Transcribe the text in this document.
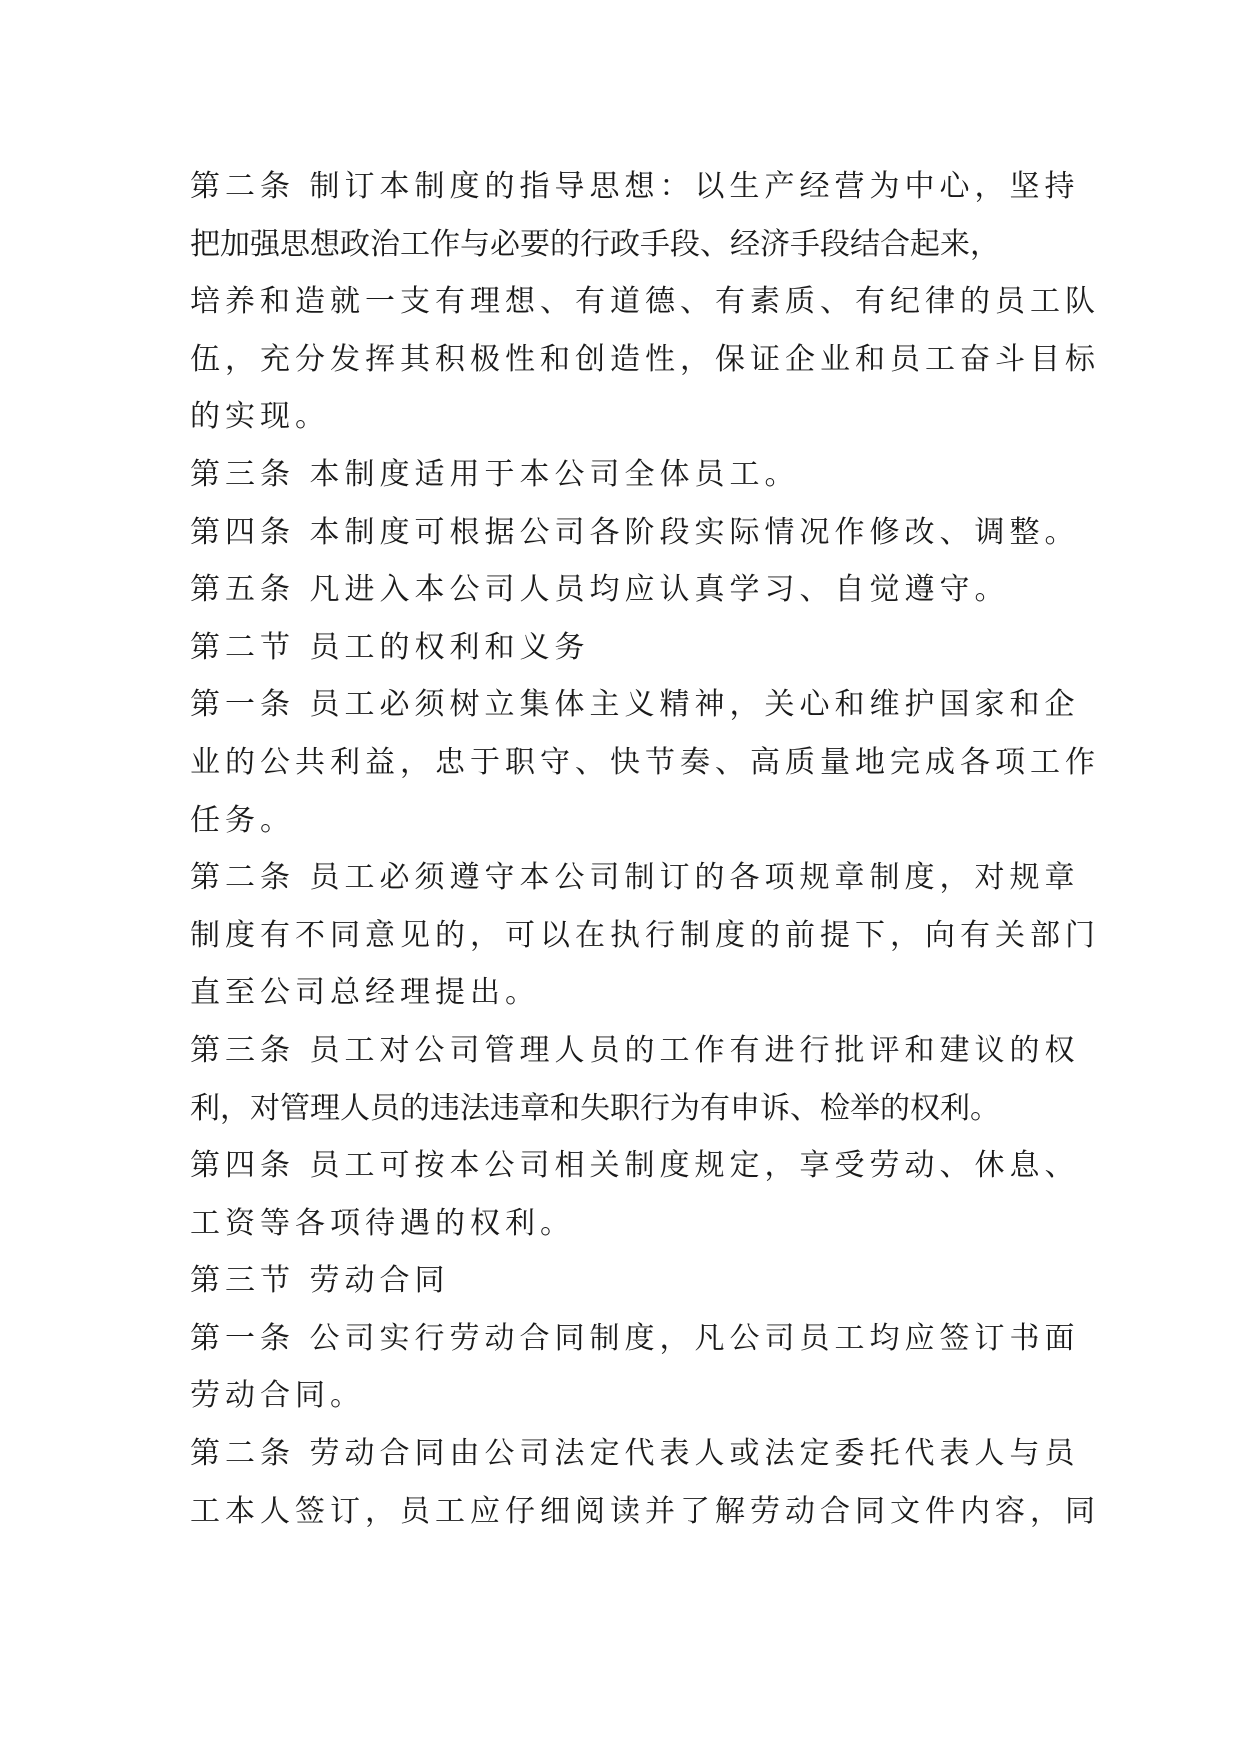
第二条 制订本制度的指导思想：以生产经营为中心，坚持
把加强思想政治工作与必要的行政手段、经济手段结合起来，
培养和造就一支有理想、有道德、有素质、有纪律的员工队
伍，充分发挥其积极性和创造性，保证企业和员工奋斗目标
的实现。
第三条 本制度适用于本公司全体员工。
第四条 本制度可根据公司各阶段实际情况作修改、调整。
第五条 凡进入本公司人员均应认真学习、自觉遵守。
第二节 员工的权利和义务
第一条 员工必须树立集体主义精神，关心和维护国家和企
业的公共利益，忠于职守、快节奏、高质量地完成各项工作
任务。
第二条 员工必须遵守本公司制订的各项规章制度，对规章
制度有不同意见的，可以在执行制度的前提下，向有关部门
直至公司总经理提出。
第三条 员工对公司管理人员的工作有进行批评和建议的权
利，对管理人员的违法违章和失职行为有申诉、检举的权利。
第四条 员工可按本公司相关制度规定，享受劳动、休息、
工资等各项待遇的权利。
第三节 劳动合同
第一条 公司实行劳动合同制度，凡公司员工均应签订书面
劳动合同。
第二条 劳动合同由公司法定代表人或法定委托代表人与员
工本人签订，员工应仔细阅读并了解劳动合同文件内容，同
